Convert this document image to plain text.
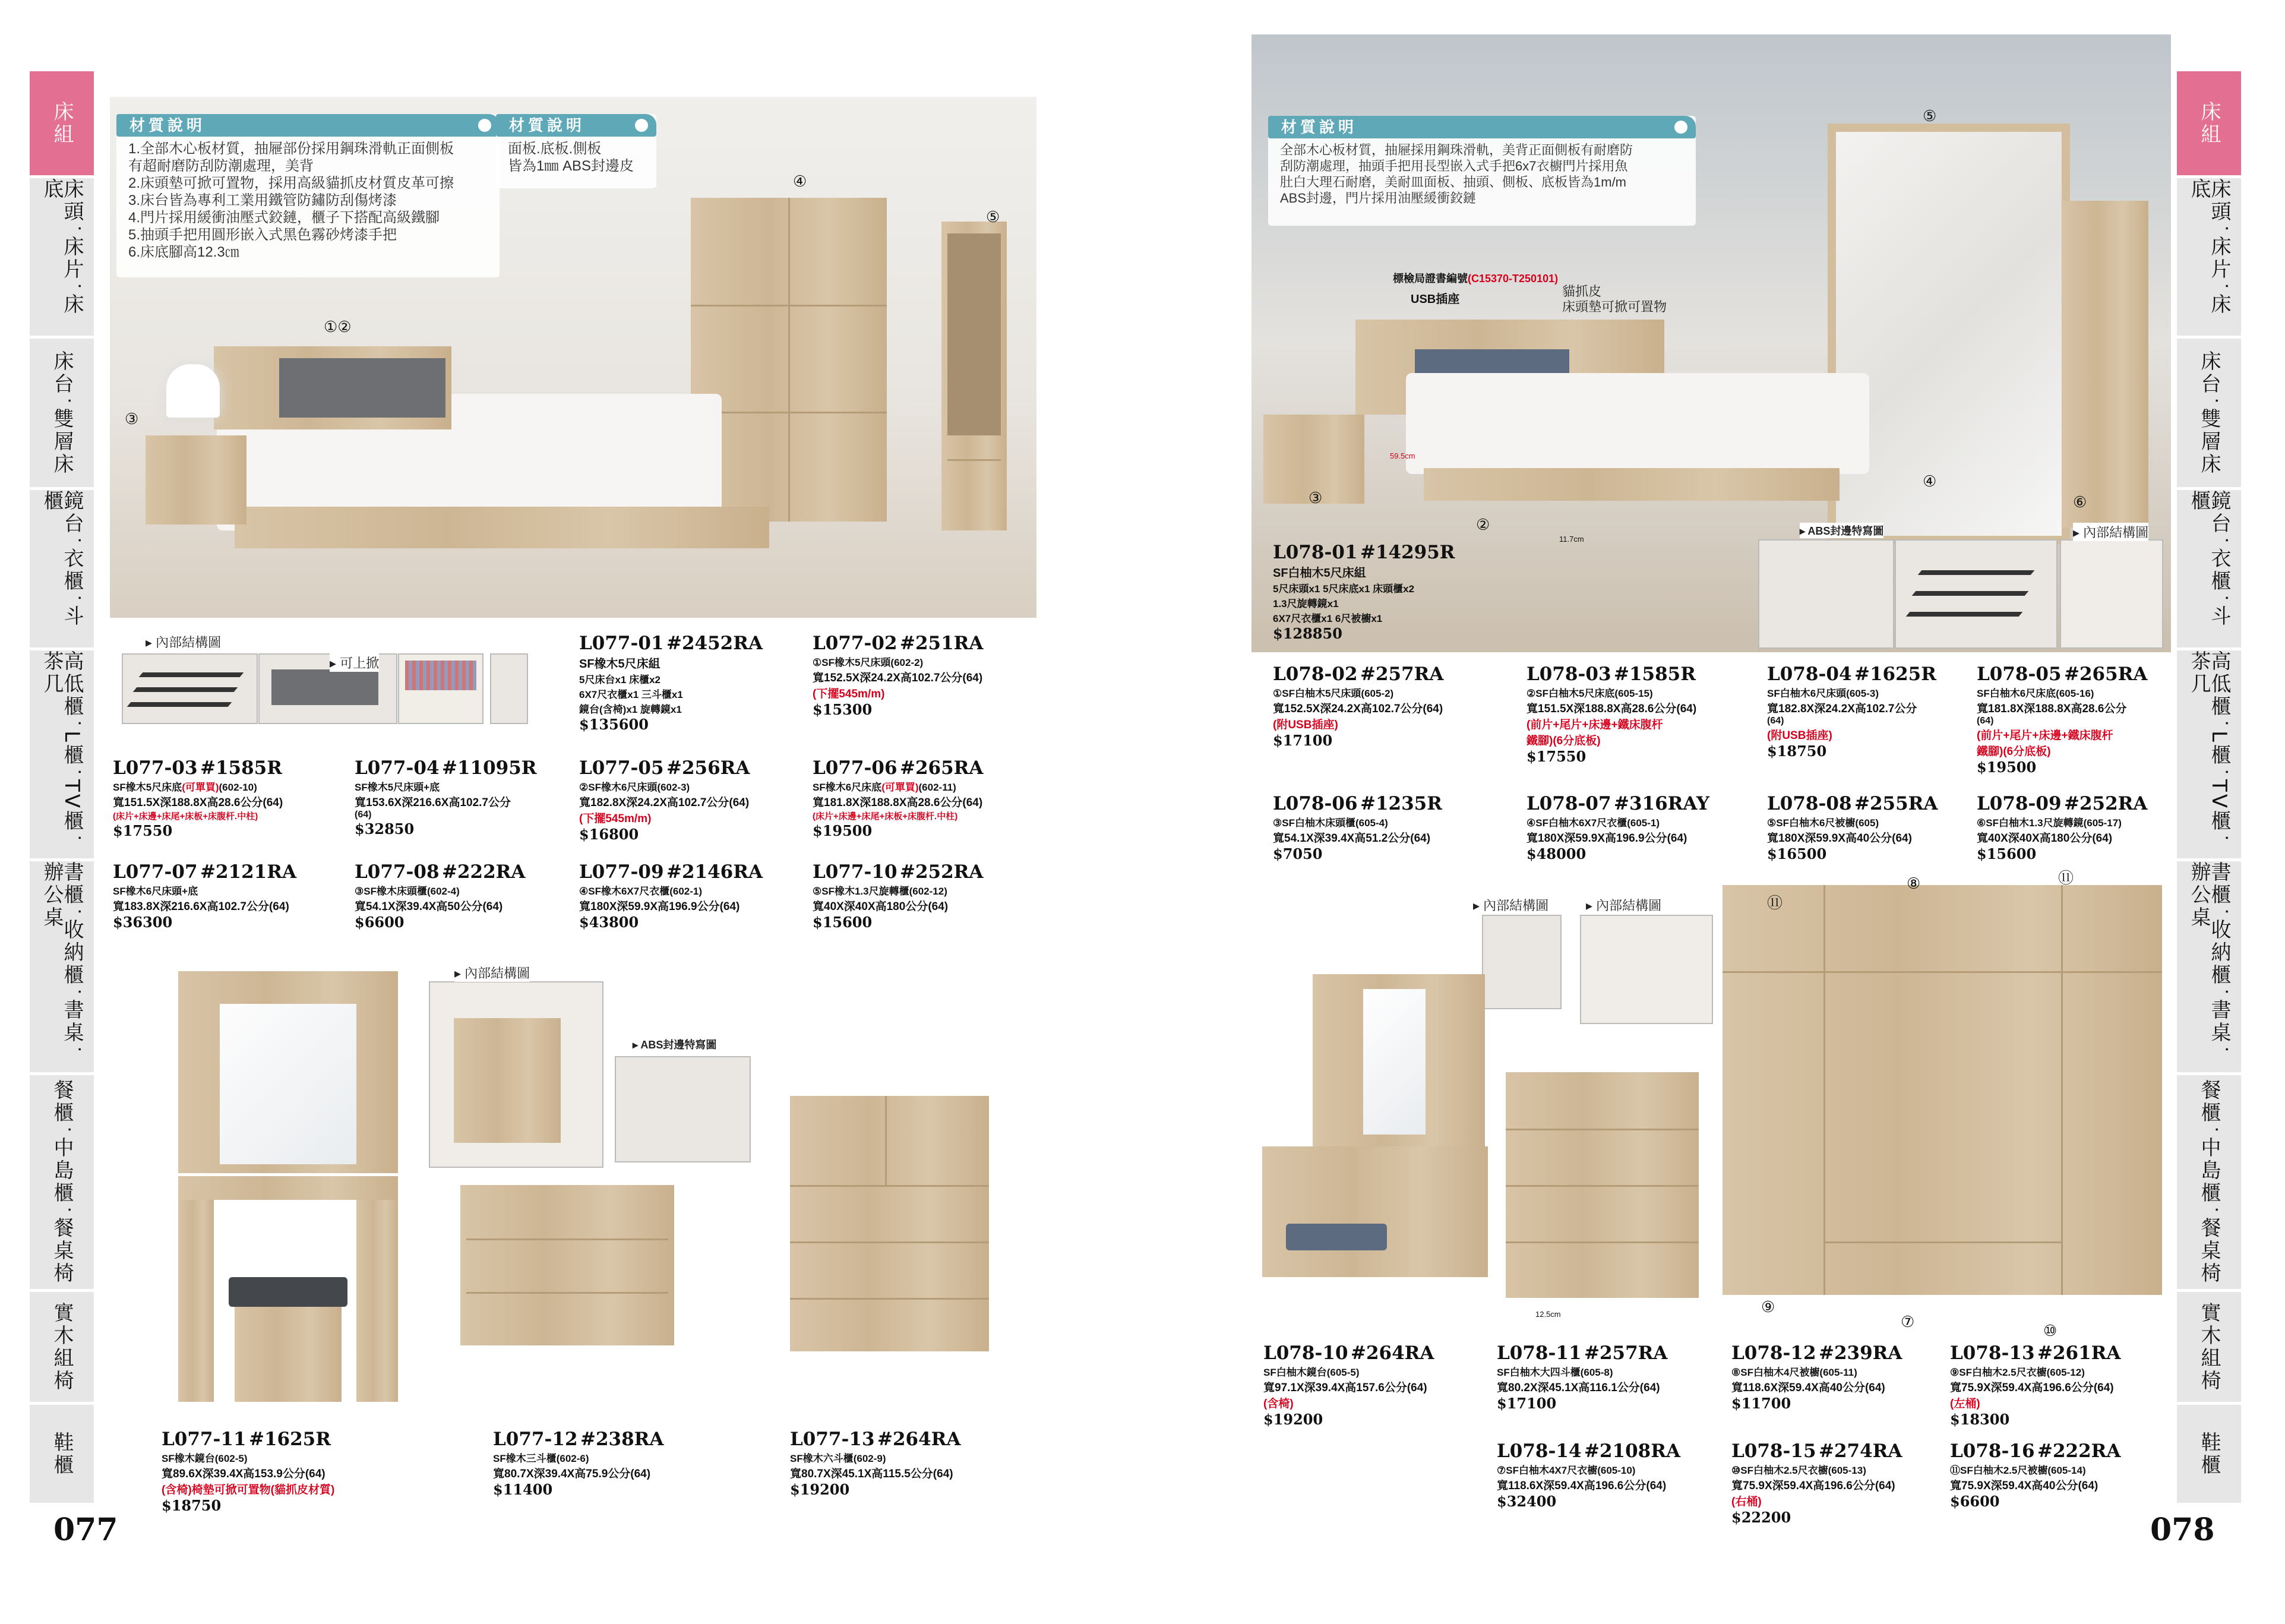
床組
床頭˙床片˙床底
床台˙雙層床
鏡台˙衣櫃˙斗櫃
高低櫃˙L櫃˙TV櫃˙茶几
書櫃˙收納櫃˙書桌˙辦公桌
餐櫃˙中島櫃˙餐桌椅
實木組椅
鞋櫃
床組
床頭˙床片˙床底
床台˙雙層床
鏡台˙衣櫃˙斗櫃
高低櫃˙L櫃˙TV櫃˙茶几
書櫃˙收納櫃˙書桌˙辦公桌
餐櫃˙中島櫃˙餐桌椅
實木組椅
鞋櫃
①②
③
④
⑤
材質說明
1.全部木心板材質，抽屜部份採用鋼珠滑軌正面側板
有超耐磨防刮防潮處理，美背
2.床頭墊可掀可置物，採用高級貓抓皮材質皮革可擦
3.床台皆為專利工業用鐵管防鏽防刮傷烤漆
4.門片採用緩衝油壓式鉸鏈，櫃子下搭配高級鐵腳
5.抽頭手把用圓形嵌入式黑色霧砂烤漆手把
6.床底腳高12.3㎝
材質說明
面板.底板.側板
皆為1㎜ ABS封邊皮
▸ 內部結構圖
▸ 可上掀
L077-01 #2452RA
SF橡木5尺床組
5尺床台x1 床櫃x2
6X7尺衣櫃x1 三斗櫃x1
鏡台(含椅)x1 旋轉鏡x1
$135600
L077-02 #251RA
①SF橡木5尺床頭(602-2)
寬152.5X深24.2X高102.7公分(64)
(下擺545m/m)
$15300
L077-03 #1585R
SF橡木5尺床底(可單買)(602-10)
寬151.5X深188.8X高28.6公分(64)
(床片+床邊+床尾+床板+床腹杆.中柱)
$17550
L077-04 #11095R
SF橡木5尺床頭+底
寬153.6X深216.6X高102.7公分
(64)
$32850
L077-05 #256RA
②SF橡木6尺床頭(602-3)
寬182.8X深24.2X高102.7公分(64)
(下擺545m/m)
$16800
L077-06 #265RA
SF橡木6尺床底(可單買)(602-11)
寬181.8X深188.8X高28.6公分(64)
(床片+床邊+床尾+床板+床腹杆.中柱)
$19500
L077-07 #2121RA
SF橡木6尺床頭+底
寬183.8X深216.6X高102.7公分(64)
$36300
L077-08 #222RA
③SF橡木床頭櫃(602-4)
寬54.1X深39.4X高50公分(64)
$6600
L077-09 #2146RA
④SF橡木6X7尺衣櫃(602-1)
寬180X深59.9X高196.9公分(64)
$43800
L077-10 #252RA
⑤SF橡木1.3尺旋轉櫃(602-12)
寬40X深40X高180公分(64)
$15600
▸ 內部結構圖
▸ ABS封邊特寫圖
L077-11 #1625R
SF橡木鏡台(602-5)
寬89.6X深39.4X高153.9公分(64)
(含椅)椅墊可掀可置物(貓抓皮材質)
$18750
L077-12 #238RA
SF橡木三斗櫃(602-6)
寬80.7X深39.4X高75.9公分(64)
$11400
L077-13 #264RA
SF橡木六斗櫃(602-9)
寬80.7X深45.1X高115.5公分(64)
$19200
077
材質說明
全部木心板材質，抽屜採用鋼珠滑軌，美背正面側板有耐磨防
刮防潮處理，抽頭手把用長型嵌入式手把6x7衣櫥門片採用魚
肚白大理石耐磨，美耐皿面板、抽頭、側板、底板皆為1m/m
ABS封邊，門片採用油壓緩衝鉸鏈
標檢局證書編號(C15370-T250101)
USB插座
貓抓皮
床頭墊可掀可置物
11.7cm
59.5cm
⑤
④
⑥
②
③
L078-01 #14295R
SF白柚木5尺床組
5尺床頭x1 5尺床底x1 床頭櫃x2
1.3尺旋轉鏡x1
6X7尺衣櫃x1 6尺被櫥x1
$128850
▸ ABS封邊特寫圖	▸ 內部結構圖
L078-02 #257RA
①SF白柚木5尺床頭(605-2)
寬152.5X深24.2X高102.7公分(64)
(附USB插座)
$17100
L078-03 #1585R
②SF白柚木5尺床底(605-15)
寬151.5X深188.8X高28.6公分(64)
(前片+尾片+床邊+鐵床腹杆
鐵腳)(6分底板)
$17550
L078-04 #1625R
SF白柚木6尺床頭(605-3)
寬182.8X深24.2X高102.7公分
(64)
(附USB插座)
$18750
L078-05 #265RA
SF白柚木6尺床底(605-16)
寬181.8X深188.8X高28.6公分
(64)
(前片+尾片+床邊+鐵床腹杆
鐵腳)(6分底板)
$19500
L078-06 #1235R
③SF白柚木床頭櫃(605-4)
寬54.1X深39.4X高51.2公分(64)
$7050
L078-07 #316RAY
④SF白柚木6X7尺衣櫃(605-1)
寬180X深59.9X高196.9公分(64)
$48000
L078-08 #255RA
⑤SF白柚木6尺被櫥(605)
寬180X深59.9X高40公分(64)
$16500
L078-09 #252RA
⑥SF白柚木1.3尺旋轉鏡(605-17)
寬40X深40X高180公分(64)
$15600
▸ 內部結構圖	▸ 內部結構圖
12.5cm
⑪
⑧	⑪
⑨
⑦	⑩
L078-10 #264RA
SF白柚木鏡台(605-5)
寬97.1X深39.4X高157.6公分(64)
(含椅)
$19200
L078-11 #257RA
SF白柚木大四斗櫃(605-8)
寬80.2X深45.1X高116.1公分(64)
$17100
L078-12 #239RA
⑧SF白柚木4尺被櫥(605-11)
寬118.6X深59.4X高40公分(64)
$11700
L078-13 #261RA
⑨SF白柚木2.5尺衣櫥(605-12)
寬75.9X深59.4X高196.6公分(64)
(左桶)
$18300
L078-14 #2108RA
⑦SF白柚木4X7尺衣櫥(605-10)
寬118.6X深59.4X高196.6公分(64)
$32400
L078-15 #274RA
⑩SF白柚木2.5尺衣櫥(605-13)
寬75.9X深59.4X高196.6公分(64)
(右桶)
$22200
L078-16 #222RA
⑪SF白柚木2.5尺被櫥(605-14)
寬75.9X深59.4X高40公分(64)
$6600
078
